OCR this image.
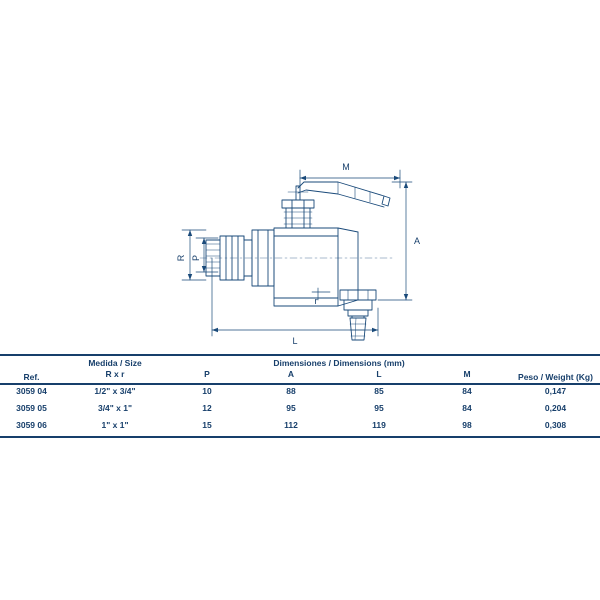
M
A
L
R P
r
Ref.	Medida / Size	Dimensiones / Dimensions (mm)				Peso / Weight (Kg)
	R x r	P	A	L	M	
3059 04	1/2" x 3/4"	10	88	85	84	0,147
3059 05	3/4" x 1"	12	95	95	84	0,204
3059 06	1" x 1"	15	112	119	98	0,308
